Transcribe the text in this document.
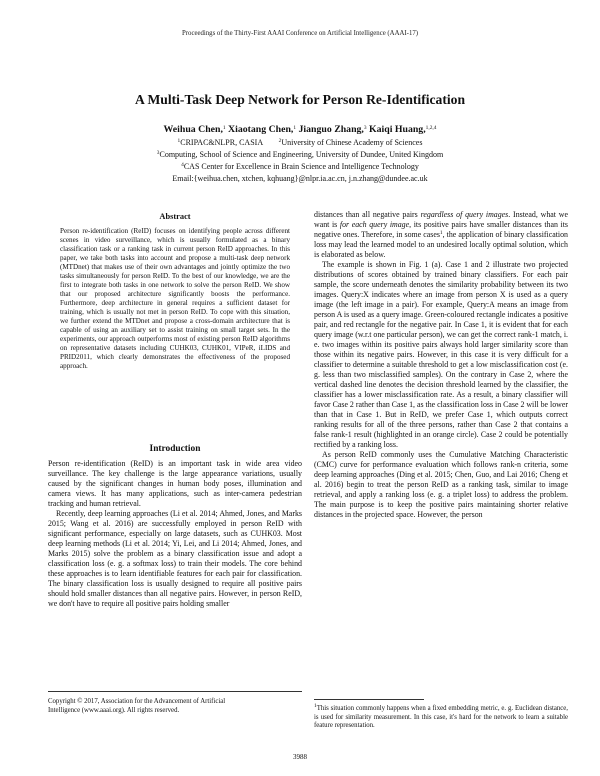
Proceedings of the Thirty-First AAAI Conference on Artificial Intelligence (AAAI-17)
A Multi-Task Deep Network for Person Re-Identification
Weihua Chen,$^1$ Xiaotang Chen,$^1$ Jianguo Zhang,$^3$ Kaiqi Huang,$^{1,2,4}$
$^1$CRIPAC&NLPR, CASIA	$^2$University of Chinese Academy of Sciences
$^3$Computing, School of Science and Engineering, University of Dundee, United Kingdom
$^4$CAS Center for Excellence in Brain Science and Intelligence Technology
Email:{weihua.chen, xtchen, kqhuang}@nlpr.ia.ac.cn, j.n.zhang@dundee.ac.uk
Abstract
Person re-identification (ReID) focuses on identifying people across different scenes in video surveillance, which is usually formulated as a binary classification task or a ranking task in current person ReID approaches. In this paper, we take both tasks into account and propose a multi-task deep network (MTDnet) that makes use of their own advantages and jointly optimize the two tasks simultaneously for person ReID. To the best of our knowledge, we are the first to integrate both tasks in one network to solve the person ReID. We show that our proposed architecture significantly boosts the performance. Furthermore, deep architecture in general requires a sufficient dataset for training, which is usually not met in person ReID. To cope with this situation, we further extend the MTDnet and propose a cross-domain architecture that is capable of using an auxiliary set to assist training on small target sets. In the experiments, our approach outperforms most of existing person ReID algorithms on representative datasets including CUHK03, CUHK01, VIPeR, iLIDS and PRID2011, which clearly demonstrates the effectiveness of the proposed approach.
Introduction

Person re-identification (ReID) is an important task in wide area video surveillance. The key challenge is the large appearance variations, usually caused by the significant changes in human body poses, illumination and camera views. It has many applications, such as inter-camera pedestrian tracking and human retrieval.

Recently, deep learning approaches (Li et al. 2014; Ahmed, Jones, and Marks 2015; Wang et al. 2016) are successfully employed in person ReID with significant performance, especially on large datasets, such as CUHK03. Most deep learning methods (Li et al. 2014; Yi, Lei, and Li 2014; Ahmed, Jones, and Marks 2015) solve the problem as a binary classification issue and adopt a classification loss (e. g. a softmax loss) to train their models. The core behind these approaches is to learn identifiable features for each pair for classification. The binary classification loss is usually designed to require all positive pairs should hold smaller distances than all negative pairs. However, in person ReID, we don't have to require all positive pairs holding smaller

Copyright © 2017, Association for the Advancement of Artificial
Intelligence (www.aaai.org). All rights reserved.

distances than all negative pairs regardless of query images. Instead, what we want is for each query image, its positive pairs have smaller distances than its negative ones. Therefore, in some cases$^1$, the application of binary classification loss may lead the learned model to an undesired locally optimal solution, which is elaborated as below.

The example is shown in Fig. 1 (a). Case 1 and 2 illustrate two projected distributions of scores obtained by trained binary classifiers. For each pair sample, the score underneath denotes the similarity probability between its two images. Query:X indicates where an image from person X is used as a query image (the left image in a pair). For example, Query:A means an image from person A is used as a query image. Green-coloured rectangle indicates a positive pair, and red rectangle for the negative pair. In Case 1, it is evident that for each query image (w.r.t one particular person), we can get the correct rank-1 match, i. e. two images within its positive pairs always hold larger similarity score than those within its negative pairs. However, in this case it is very difficult for a classifier to determine a suitable threshold to get a low misclassification cost (e. g. less than two misclassified samples). On the contrary in Case 2, where the vertical dashed line denotes the decision threshold learned by the classifier, the classifier has a lower misclassification rate. As a result, a binary classifier will favor Case 2 rather than Case 1, as the classification loss in Case 2 will be lower than that in Case 1. But in ReID, we prefer Case 1, which outputs correct ranking results for all of the three persons, rather than Case 2 that contains a false rank-1 result (highlighted in an orange circle). Case 2 could be potentially rectified by a ranking loss.

As person ReID commonly uses the Cumulative Matching Characteristic (CMC) curve for performance evaluation which follows rank-n criteria, some deep learning approaches (Ding et al. 2015; Chen, Guo, and Lai 2016; Cheng et al. 2016) begin to treat the person ReID as a ranking task, similar to image retrieval, and apply a ranking loss (e. g. a triplet loss) to address the problem. The main purpose is to keep the positive pairs maintaining shorter relative distances in the projected space. However, the person

$^1$This situation commonly happens when a fixed embedding metric, e. g. Euclidean distance, is used for similarity measurement. In this case, it's hard for the network to learn a suitable feature representation.
3988
